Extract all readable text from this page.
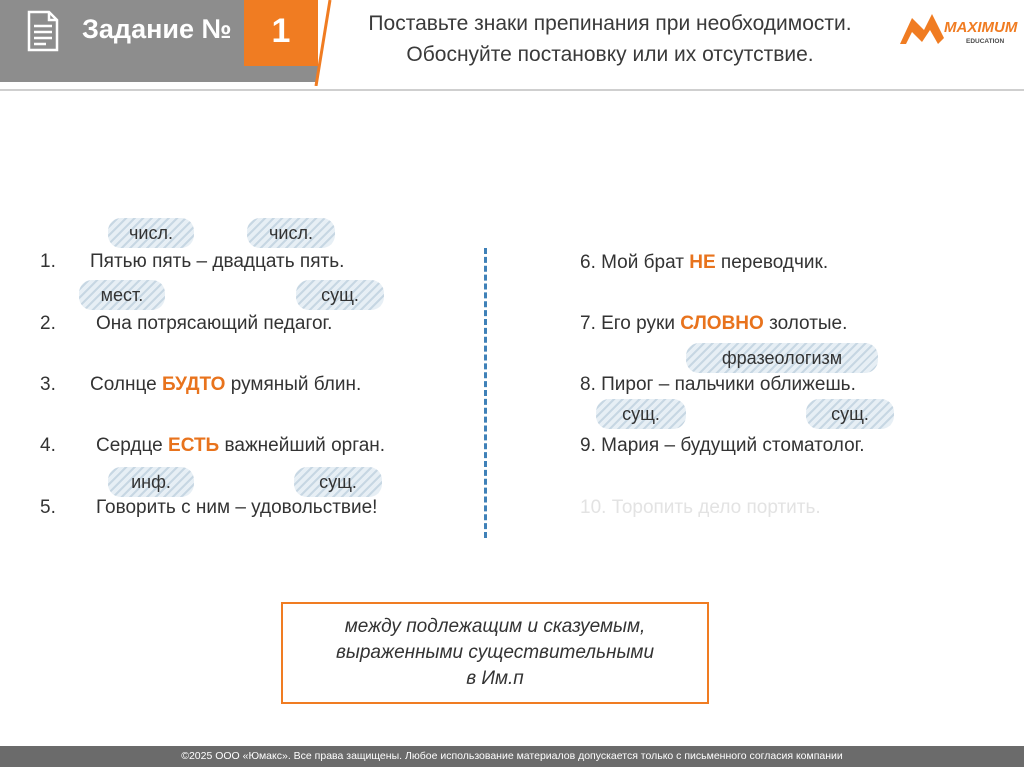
Задание №	1	Поставьте знаки препинания при необходимости.
Обоснуйте постановку или их отсутствие.
MAXIMUM
EDUCATION
числ.	числ.
мест.	сущ.
инф.	сущ.
1. Пятью пять – двадцать пять.
2. Она потрясающий педагог.
3. Солнце БУДТО румяный блин.
4. Сердце ЕСТЬ важнейший орган.
5. Говорить с ним – удовольствие!
фразеологизм
сущ.	сущ.
6. Мой брат НЕ переводчик.
7. Его руки СЛОВНО золотые.
8. Пирог – пальчики оближешь.
9. Мария – будущий стоматолог.
10. Торопить дело портить.
между подлежащим и сказуемым,
выраженными существительными
в Им.п
©2025 ООО «Юмакс». Все права защищены. Любое использование материалов допускается только с письменного согласия компании
